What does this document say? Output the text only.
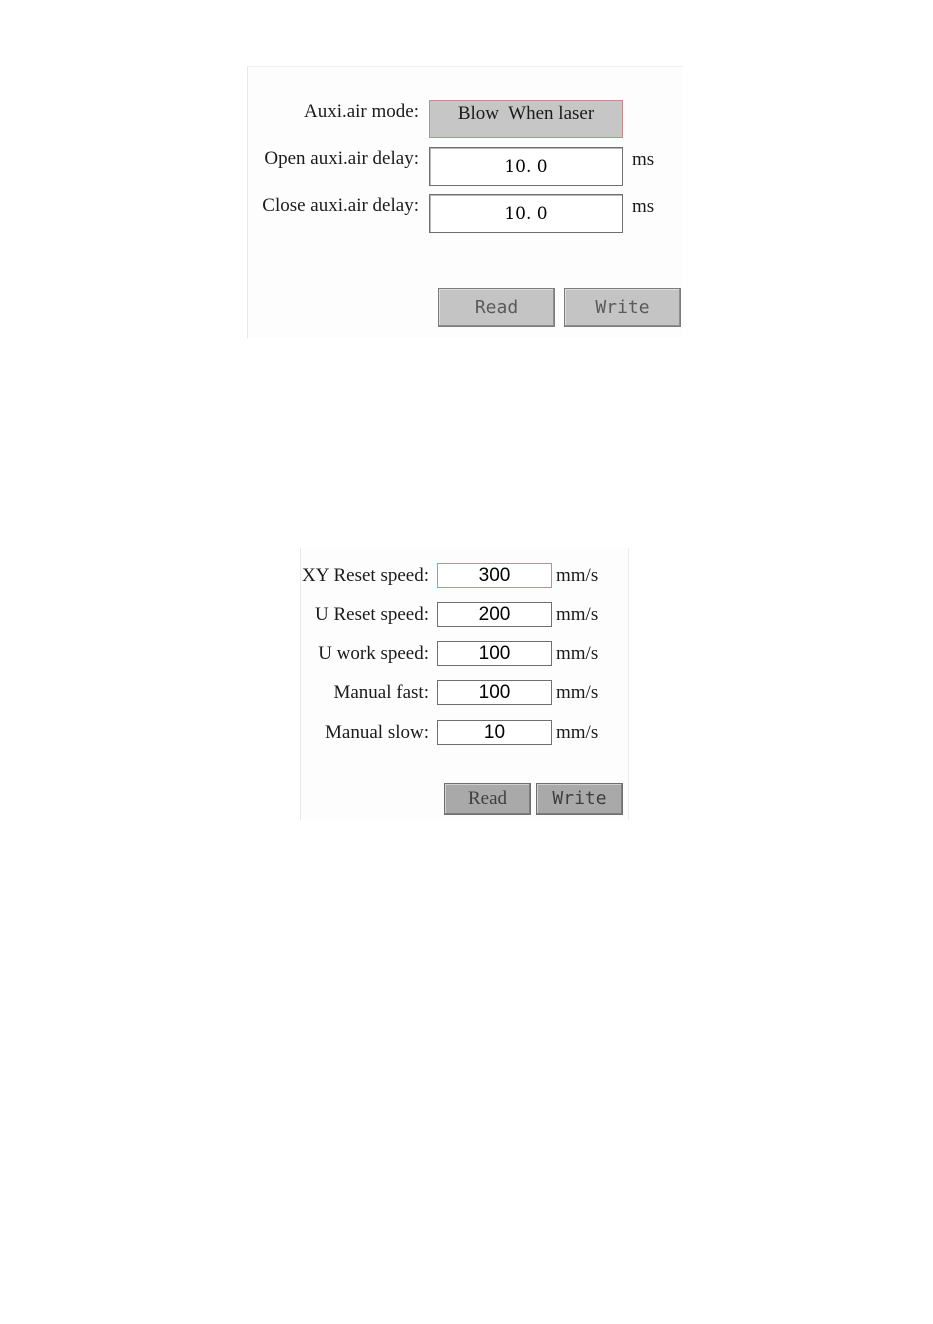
Auxi.air mode:	Blow  When laser
Open auxi.air delay:
10. 0	ms
Close auxi.air delay:
10. 0	ms
Read	Write
XY Reset speed:
300	mm/s
U Reset speed:
200	mm/s
U work speed:
100	mm/s
Manual fast:
100	mm/s
Manual slow:
10	mm/s
Read	Write
